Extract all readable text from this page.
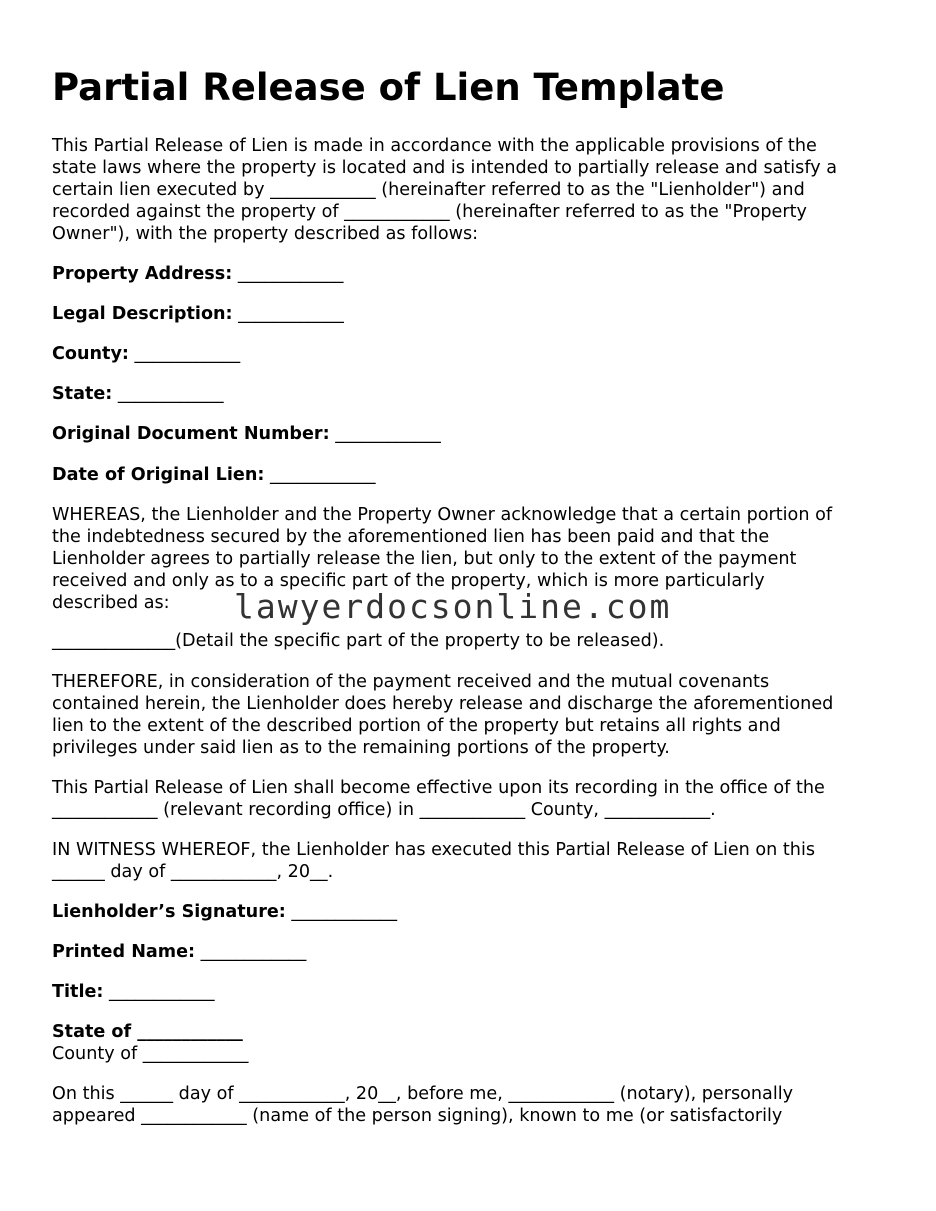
Partial Release of Lien Template

This Partial Release of Lien is made in accordance with the applicable provisions of the
state laws where the property is located and is intended to partially release and satisfy a
certain lien executed by ____________ (hereinafter referred to as the "Lienholder") and
recorded against the property of ____________ (hereinafter referred to as the "Property
Owner"), with the property described as follows:

Property Address: ____________

Legal Description: ____________

County: ____________

State: ____________

Original Document Number: ____________

Date of Original Lien: ____________

WHEREAS, the Lienholder and the Property Owner acknowledge that a certain portion of
the indebtedness secured by the aforementioned lien has been paid and that the
Lienholder agrees to partially release the lien, but only to the extent of the payment
received and only as to a specific part of the property, which is more particularly
described as:	lawyerdocsonline.com

______________(Detail the specific part of the property to be released).

THEREFORE, in consideration of the payment received and the mutual covenants
contained herein, the Lienholder does hereby release and discharge the aforementioned
lien to the extent of the described portion of the property but retains all rights and
privileges under said lien as to the remaining portions of the property.

This Partial Release of Lien shall become effective upon its recording in the office of the
____________ (relevant recording office) in ____________ County, ____________.

IN WITNESS WHEREOF, the Lienholder has executed this Partial Release of Lien on this
______ day of ____________, 20__.

Lienholder’s Signature: ____________

Printed Name: ____________

Title: ____________

State of ____________
County of ____________

On this ______ day of ____________, 20__, before me, ____________ (notary), personally
appeared ____________ (name of the person signing), known to me (or satisfactorily
